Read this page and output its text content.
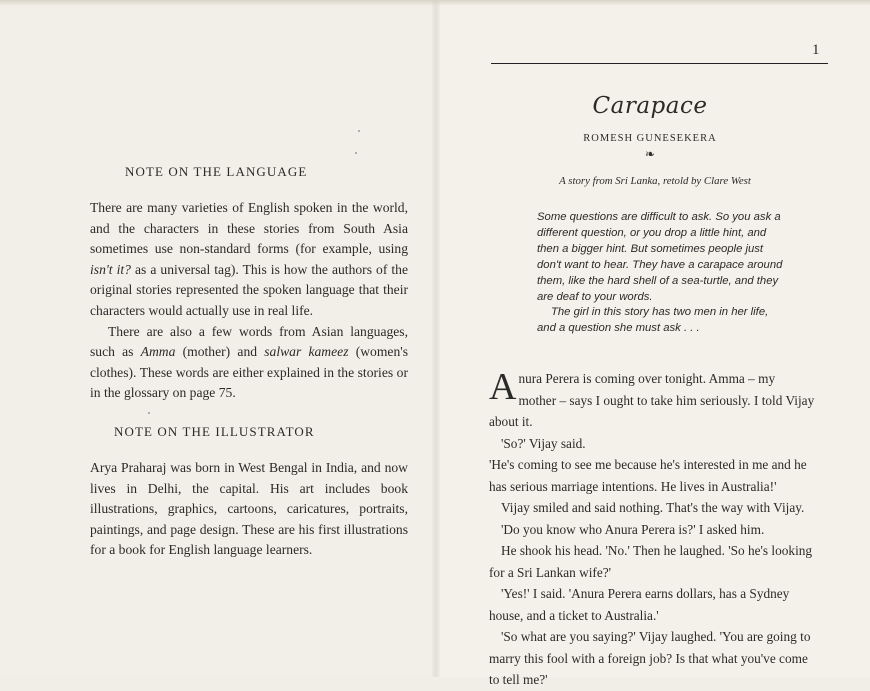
NOTE ON THE LANGUAGE

There are many varieties of English spoken in the world, and the characters in these stories from South Asia sometimes use non-standard forms (for example, using isn't it? as a universal tag). This is how the authors of the original stories represented the spoken language that their characters would actually use in real life.

There are also a few words from Asian languages, such as Amma (mother) and salwar kameez (women's clothes). These words are either explained in the stories or in the glossary on page 75.

NOTE ON THE ILLUSTRATOR

Arya Praharaj was born in West Bengal in India, and now lives in Delhi, the capital. His art includes book illustrations, graphics, cartoons, caricatures, portraits, paintings, and page design. These are his first illustrations for a book for English language learners.

1
Carapace
ROMESH GUNESEKERA
❧
A story from Sri Lanka, retold by Clare West

Some questions are difficult to ask. So you ask a different question, or you drop a little hint, and then a bigger hint. But sometimes people just don't want to hear. They have a carapace around them, like the hard shell of a sea-turtle, and they are deaf to your words.

The girl in this story has two men in her life, and a question she must ask . . .

Anura Perera is coming over tonight. Amma – my mother – says I ought to take him seriously. I told Vijay about it.

'So?' Vijay said.

'He's coming to see me because he's interested in me and he has serious marriage intentions. He lives in Australia!'

Vijay smiled and said nothing. That's the way with Vijay.

'Do you know who Anura Perera is?' I asked him.

He shook his head. 'No.' Then he laughed. 'So he's looking for a Sri Lankan wife?'

'Yes!' I said. 'Anura Perera earns dollars, has a Sydney house, and a ticket to Australia.'

'So what are you saying?' Vijay laughed. 'You are going to marry this fool with a foreign job? Is that what you've come to tell me?'
